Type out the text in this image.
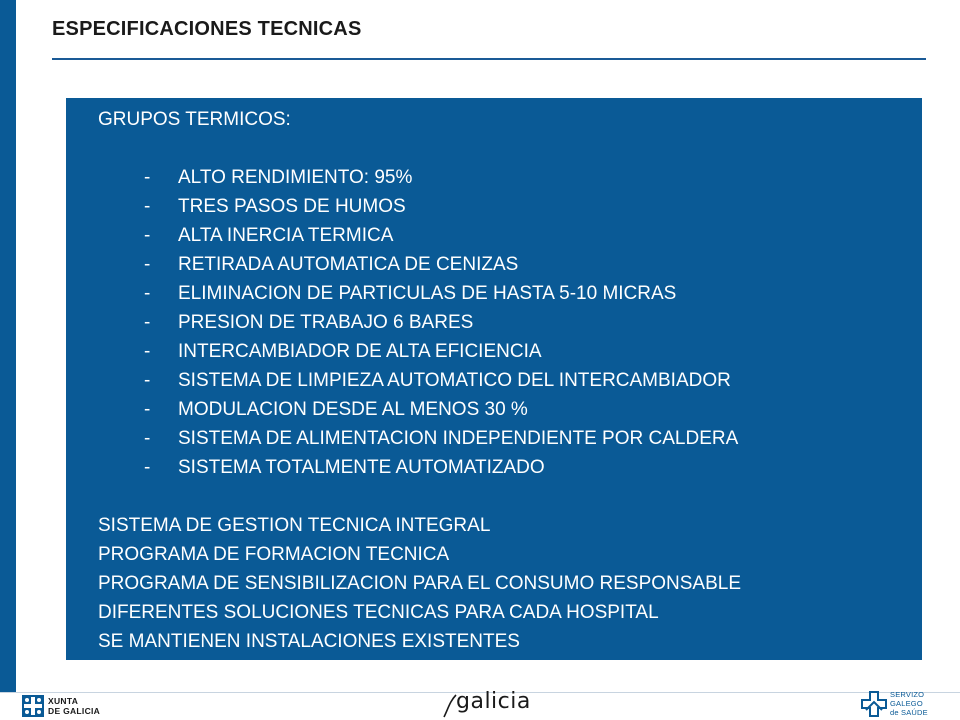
ESPECIFICACIONES TECNICAS
GRUPOS TERMICOS:
- ALTO RENDIMIENTO: 95%
- TRES PASOS DE HUMOS
- ALTA INERCIA TERMICA
- RETIRADA AUTOMATICA DE CENIZAS
- ELIMINACION DE PARTICULAS DE HASTA 5-10 MICRAS
- PRESION DE TRABAJO 6 BARES
- INTERCAMBIADOR DE ALTA EFICIENCIA
- SISTEMA DE LIMPIEZA AUTOMATICO DEL INTERCAMBIADOR
- MODULACION DESDE AL MENOS 30 %
- SISTEMA DE ALIMENTACION INDEPENDIENTE POR CALDERA
- SISTEMA TOTALMENTE AUTOMATIZADO
SISTEMA DE GESTION TECNICA INTEGRAL
PROGRAMA DE FORMACION TECNICA
PROGRAMA DE SENSIBILIZACION PARA EL CONSUMO RESPONSABLE
DIFERENTES SOLUCIONES TECNICAS PARA CADA HOSPITAL
SE MANTIENEN INSTALACIONES EXISTENTES
XUNTA
DE GALICIA	galicia	SERVIZO
GALEGO
de SAÚDE
